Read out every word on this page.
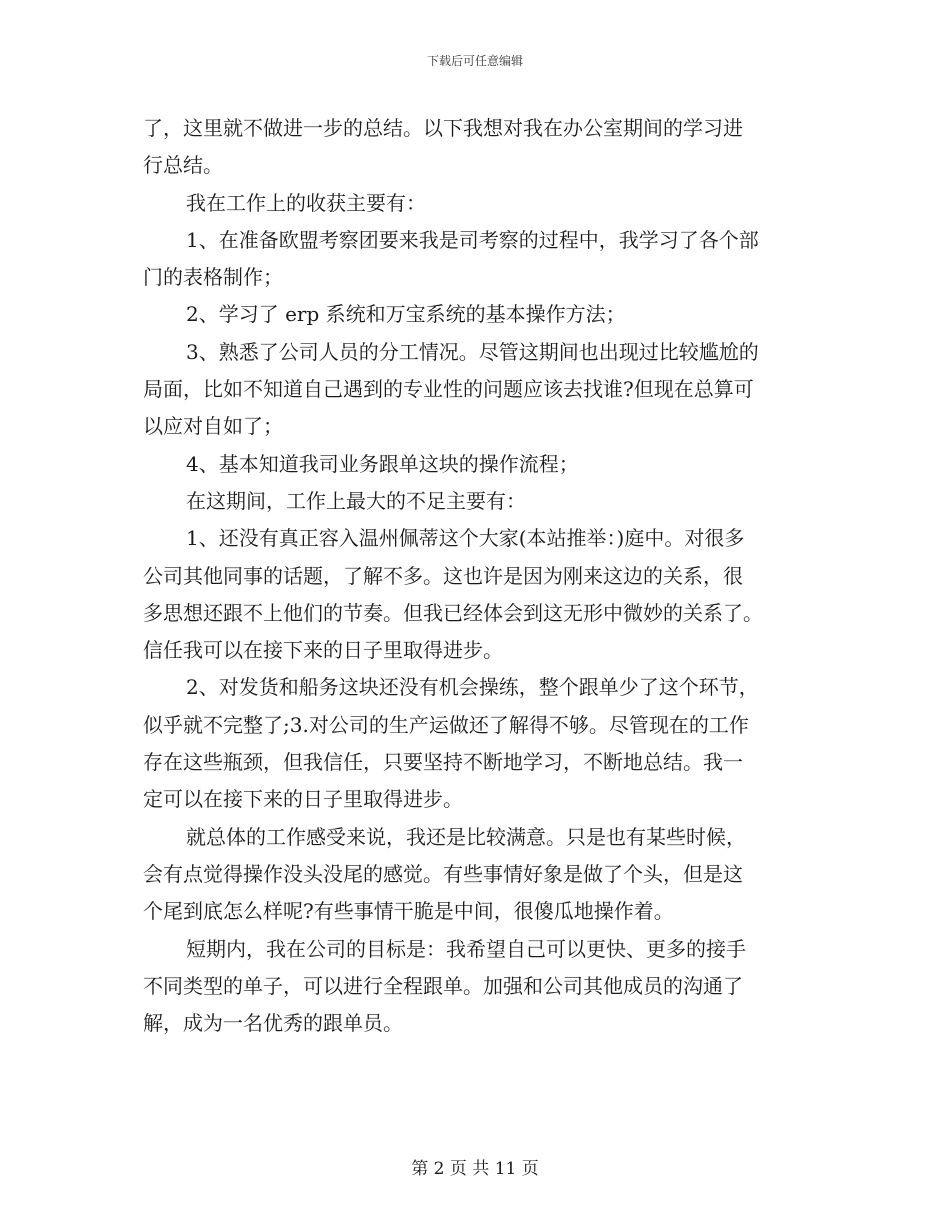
下载后可任意编辑
了，这里就不做进一步的总结。以下我想对我在办公室期间的学习进
行总结。
我在工作上的收获主要有：
1、在准备欧盟考察团要来我是司考察的过程中，我学习了各个部
门的表格制作；
2、学习了 erp 系统和万宝系统的基本操作方法；
3、熟悉了公司人员的分工情况。尽管这期间也出现过比较尴尬的
局面，比如不知道自己遇到的专业性的问题应该去找谁?但现在总算可
以应对自如了；
4、基本知道我司业务跟单这块的操作流程；
在这期间，工作上最大的不足主要有：
1、还没有真正容入温州佩蒂这个大家(本站推举：)庭中。对很多
公司其他同事的话题，了解不多。这也许是因为刚来这边的关系，很
多思想还跟不上他们的节奏。但我已经体会到这无形中微妙的关系了。
信任我可以在接下来的日子里取得进步。
2、对发货和船务这块还没有机会操练，整个跟单少了这个环节，
似乎就不完整了;3.对公司的生产运做还了解得不够。尽管现在的工作
存在这些瓶颈，但我信任，只要坚持不断地学习，不断地总结。我一
定可以在接下来的日子里取得进步。
就总体的工作感受来说，我还是比较满意。只是也有某些时候，
会有点觉得操作没头没尾的感觉。有些事情好象是做了个头，但是这
个尾到底怎么样呢?有些事情干脆是中间，很傻瓜地操作着。
短期内，我在公司的目标是：我希望自己可以更快、更多的接手
不同类型的单子，可以进行全程跟单。加强和公司其他成员的沟通了
解，成为一名优秀的跟单员。
第 2 页 共 11 页
